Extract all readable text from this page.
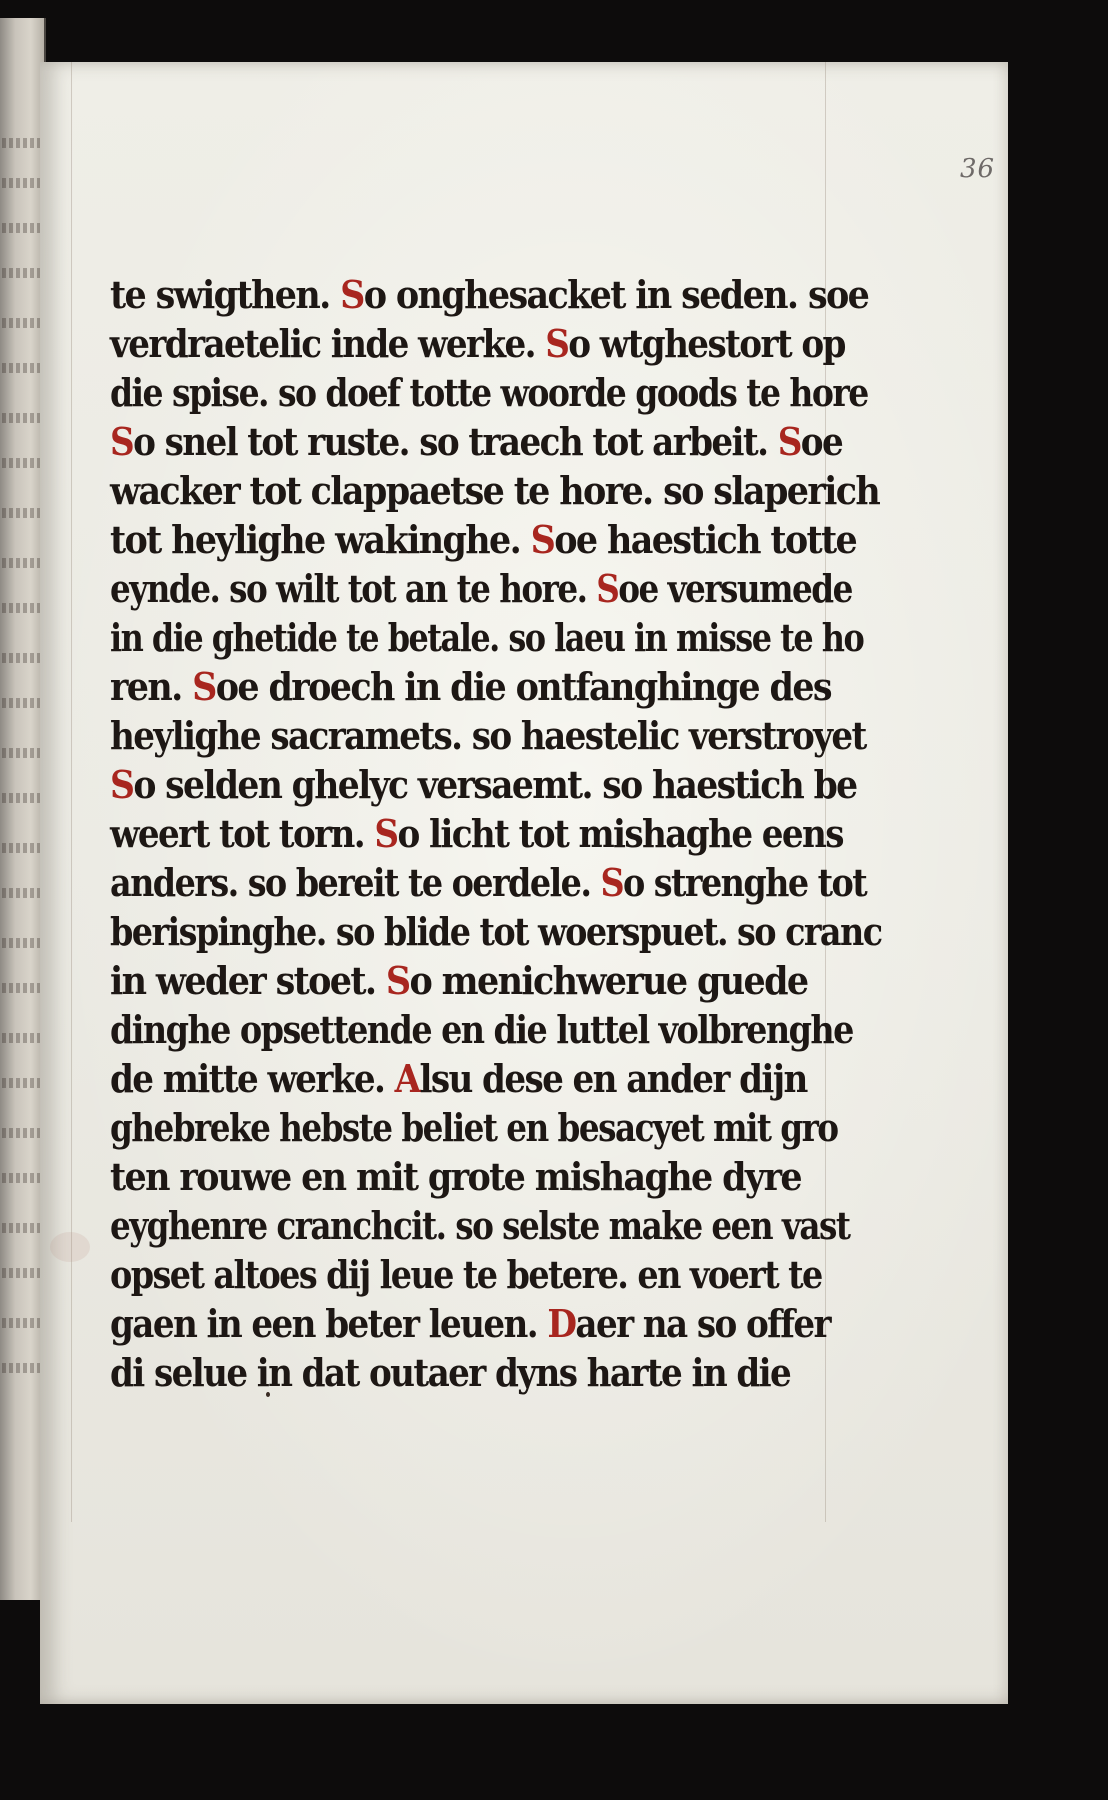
36
te swigthen. So onghesacket in seden. soe
verdraetelic inde werke. So wtghestort op
die spise. so doef totte woorde goods te hore
So snel tot ruste. so traech tot arbeit. Soe
wacker tot clappaetse te hore. so slaperich
tot heylighe wakinghe. Soe haestich totte
eynde. so wilt tot an te hore. Soe versumede
in die ghetide te betale. so laeu in misse te ho
ren. Soe droech in die ontfanghinge des
heylighe sacramets. so haestelic verstroyet
So selden ghelyc versaemt. so haestich be
weert tot torn. So licht tot mishaghe eens
anders. so bereit te oerdele. So strenghe tot
berispinghe. so blide tot woerspuet. so cranc
in weder stoet. So menichwerue guede
dinghe opsettende en die luttel volbrenghe
de mitte werke. Alsu dese en ander dijn
ghebreke hebste beliet en besacyet mit gro
ten rouwe en mit grote mishaghe dyre
eyghenre cranchcit. so selste make een vast
opset altoes dij leue te betere. en voert te
gaen in een beter leuen. Daer na so offer
di selue in dat outaer dyns harte in die
